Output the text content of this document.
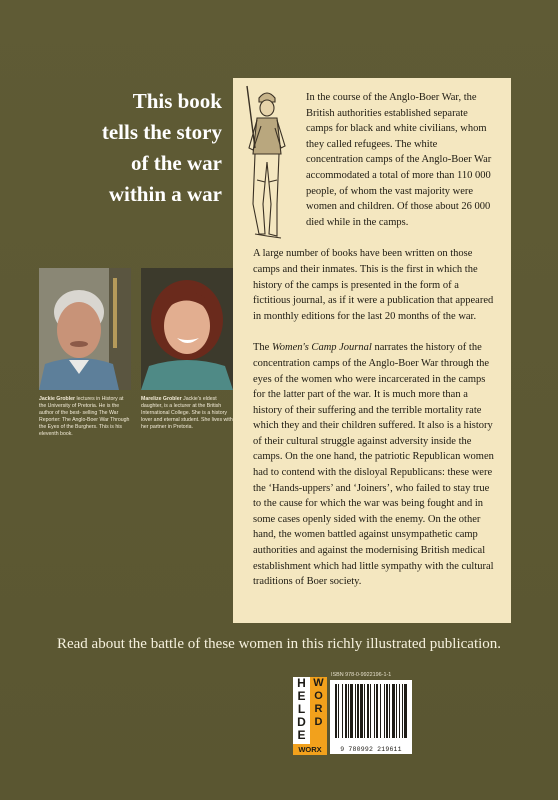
This book
tells the story
of the war
within a war
Jackie Grobler lectures in History at the University of Pretoria. He is the author of the best- selling The War Reporter: The Anglo-Boer War Through the Eyes of the Burghers. This is his eleventh book.
Marelize Grobler Jackie's eldest daughter, is a lecturer at the British International College. She is a history lover and eternal student. She lives with her partner in Pretoria.

In the course of the Anglo-Boer War, the British authorities established separate camps for black and white civilians, whom they called refugees. The white concentration camps of the Anglo-Boer War accommodated a total of more than 110 000 people, of whom the vast majority were women and children. Of those about 26 000 died while in the camps.

A large number of books have been written on those camps and their inmates. This is the first in which the history of the camps is presented in the form of a fictitious journal, as if it were a publication that appeared in monthly editions for the last 20 months of the war.

The Women's Camp Journal narrates the history of the concentration camps of the Anglo-Boer War through the eyes of the women who were incarcerated in the camps for the latter part of the war. It is much more than a history of their suffering and the terrible mortality rate which they and their children suffered. It also is a history of their cultural struggle against adversity inside the camps. On the one hand, the patriotic Republican women had to contend with the disloyal Republicans: these were the ‘Hands-uppers’ and ‘Joiners’, who failed to stay true to the cause for which the war was being fought and in some cases openly sided with the enemy. On the other hand, the women battled against unsympathetic camp authorities and against the modernising British medical establishment which had little sympathy with the cultural traditions of Boer society.

Read about the battle of these women in this richly illustrated publication.
H
E
L
D
E
W
O
R
D
WORX
ISBN 978-0-9922196-1-1
9 780992 219611
